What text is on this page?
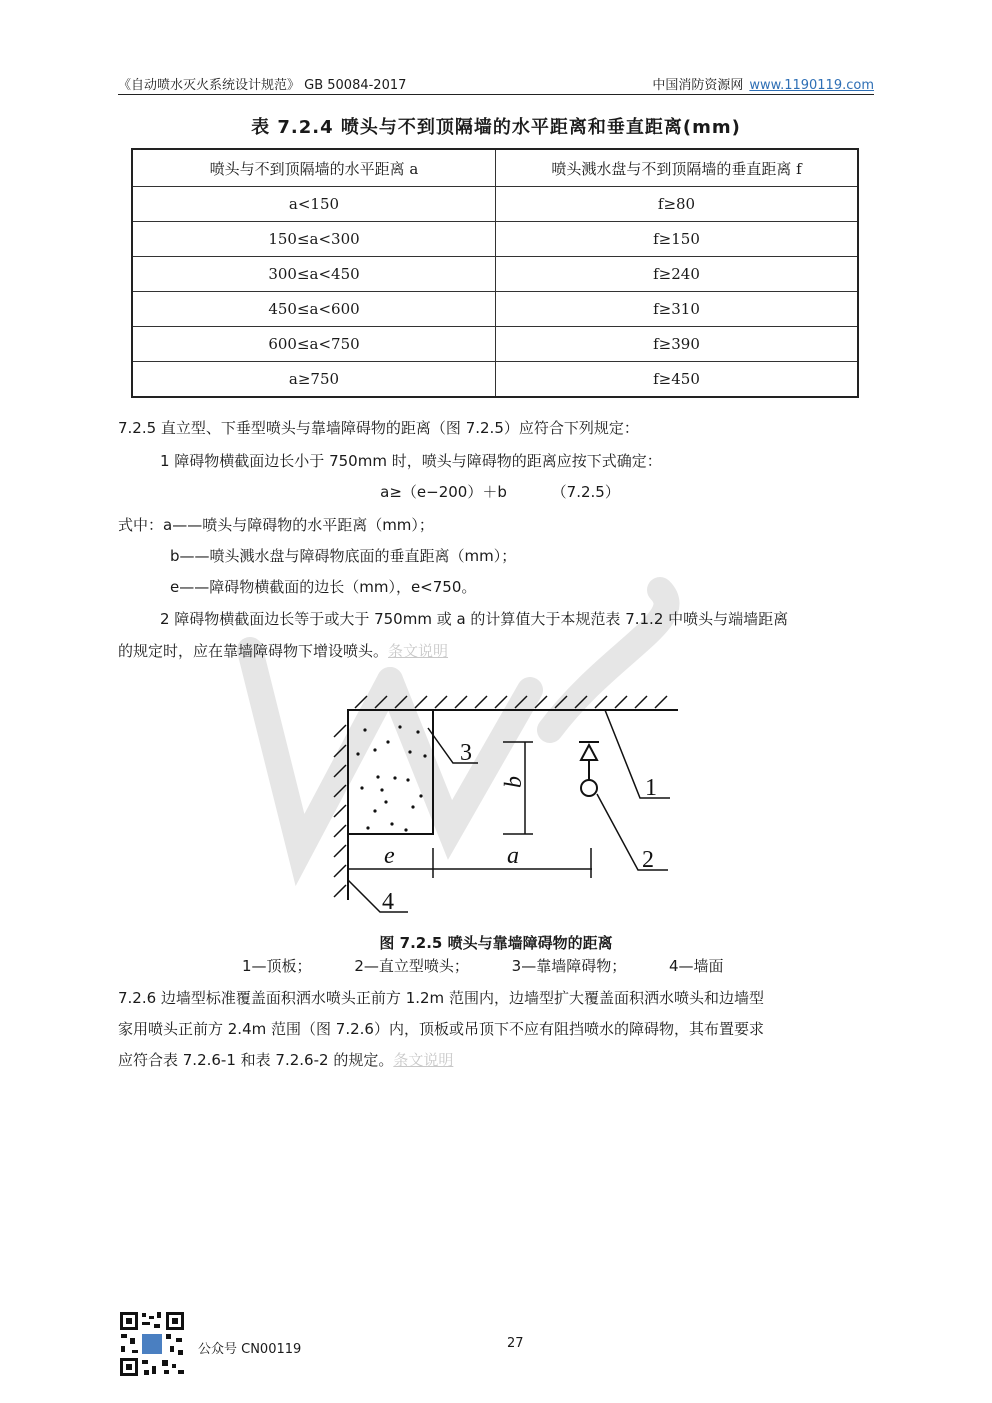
《自动喷水灭火系统设计规范》 GB 50084-2017	中国消防资源网 www.1190119.com
表 7.2.4 喷头与不到顶隔墙的水平距离和垂直距离(mm)
喷头与不到顶隔墙的水平距离 a	喷头溅水盘与不到顶隔墙的垂直距离 f
a<150	f≥80
150≤a<300	f≥150
300≤a<450	f≥240
450≤a<600	f≥310
600≤a<750	f≥390
a≥750	f≥450
7.2.5 直立型、下垂型喷头与靠墙障碍物的距离（图 7.2.5）应符合下列规定：
1 障碍物横截面边长小于 750mm 时，喷头与障碍物的距离应按下式确定：
a≥（e−200）＋b	（7.2.5）
式中：a——喷头与障碍物的水平距离（mm）；
b——喷头溅水盘与障碍物底面的垂直距离（mm）；
e——障碍物横截面的边长（mm），e<750。
2 障碍物横截面边长等于或大于 750mm 或 a 的计算值大于本规范表 7.1.2 中喷头与端墙距离
的规定时，应在靠墙障碍物下增设喷头。条文说明
e	a
b
3
1
2
4
图 7.2.5 喷头与靠墙障碍物的距离
1—顶板；	2—直立型喷头；	3—靠墙障碍物；	4—墙面
7.2.6 边墙型标准覆盖面积洒水喷头正前方 1.2m 范围内，边墙型扩大覆盖面积洒水喷头和边墙型
家用喷头正前方 2.4m 范围（图 7.2.6）内，顶板或吊顶下不应有阻挡喷水的障碍物，其布置要求
应符合表 7.2.6-1 和表 7.2.6-2 的规定。条文说明
公众号 CN00119	27
